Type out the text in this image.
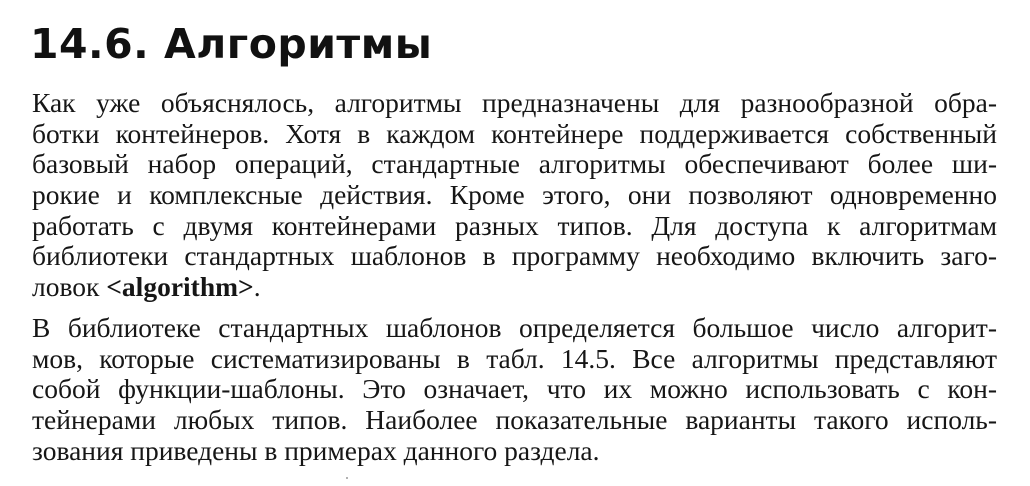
14.6. Алгоритмы
Как уже объяснялось, алгоритмы предназначены для разнообразной обра-
ботки контейнеров. Хотя в каждом контейнере поддерживается собственный
базовый набор операций, стандартные алгоритмы обеспечивают более ши-
рокие и комплексные действия. Кроме этого, они позволяют одновременно
работать с двумя контейнерами разных типов. Для доступа к алгоритмам
библиотеки стандартных шаблонов в программу необходимо включить заго-
ловок <algorithm>.
В библиотеке стандартных шаблонов определяется большое число алгорит-
мов, которые систематизированы в табл. 14.5. Все алгоритмы представляют
собой функции-шаблоны. Это означает, что их можно использовать с кон-
тейнерами любых типов. Наиболее показательные варианты такого исполь-
зования приведены в примерах данного раздела.
